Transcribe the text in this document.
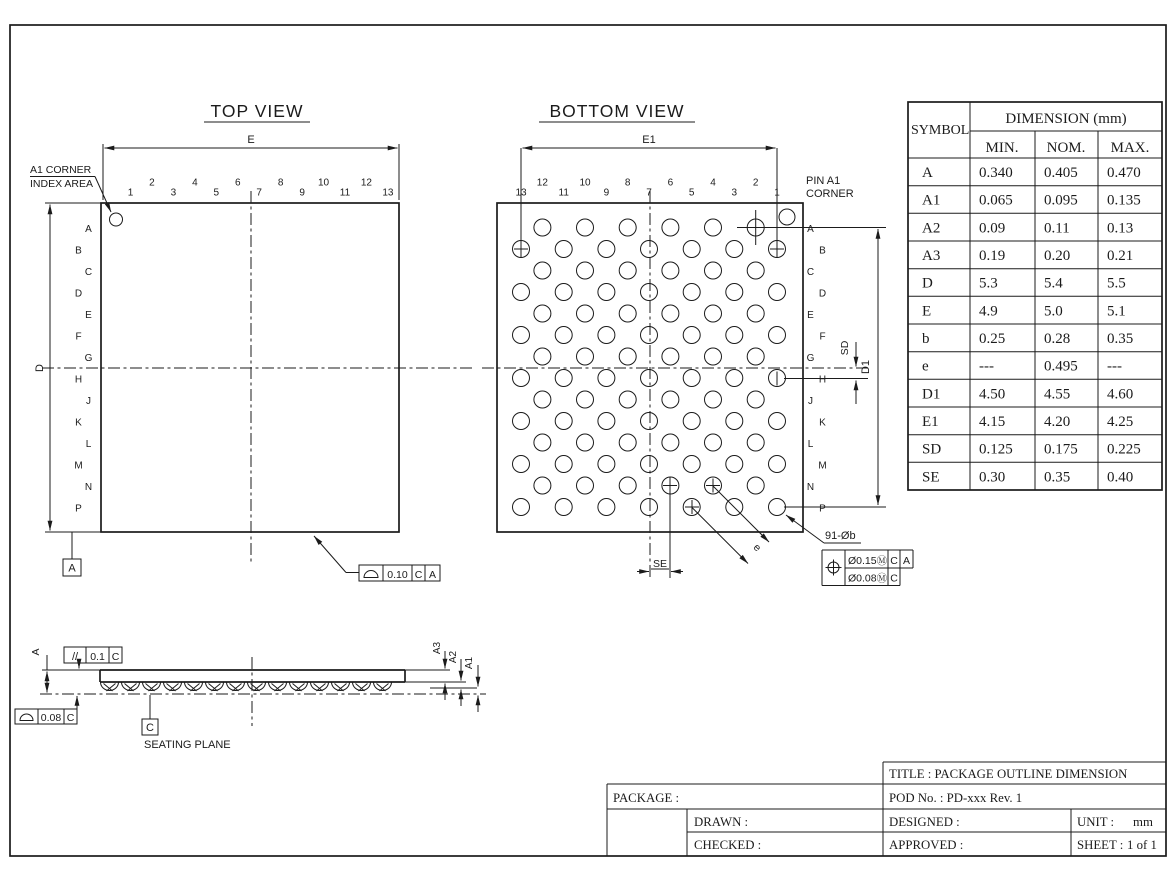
TOP VIEW
A1 CORNER
INDEX AREA
E
D
A
0.10 C A
1
2
3
4
5
6
7
8
9
10
11
12
13
A
B
C
D
E
F
G
H
J
K
L
M
N
P
BOTTOM VIEW
PIN A1
CORNER
E1
D1
SD
SE
e
91-Øb
Ø0.15Ⓜ C A
Ø0.08Ⓜ C
1
2
3
4
5
6
7
8
9
10
11
12
13
A
B
C
D
E
F
G
H
J
K
L
M
N
P
A	// 0.1 C
0.08 C
C
SEATING PLANE
A3
A2 A1
SYMBOL
DIMENSION (mm)
MIN. NOM. MAX.
A	0.340 0.405 0.470
A1	0.065 0.095 0.135
A2	0.09	0.11 0.13
A3	0.19	0.20 0.21
D	5.3	5.4	5.5
E	4.9	5.0	5.1
b	0.25	0.28 0.35
e	---	0.495 ---
D1	4.50	4.55 4.60
E1	4.15	4.20 4.25
SD	0.125 0.175 0.225
SE	0.30	0.35 0.40
TITLE : PACKAGE OUTLINE DIMENSION
PACKAGE :	POD No. : PD-xxx Rev. 1
DRAWN :	DESIGNED :	UNIT : mm
CHECKED :	APPROVED :	SHEET : 1 of 1
